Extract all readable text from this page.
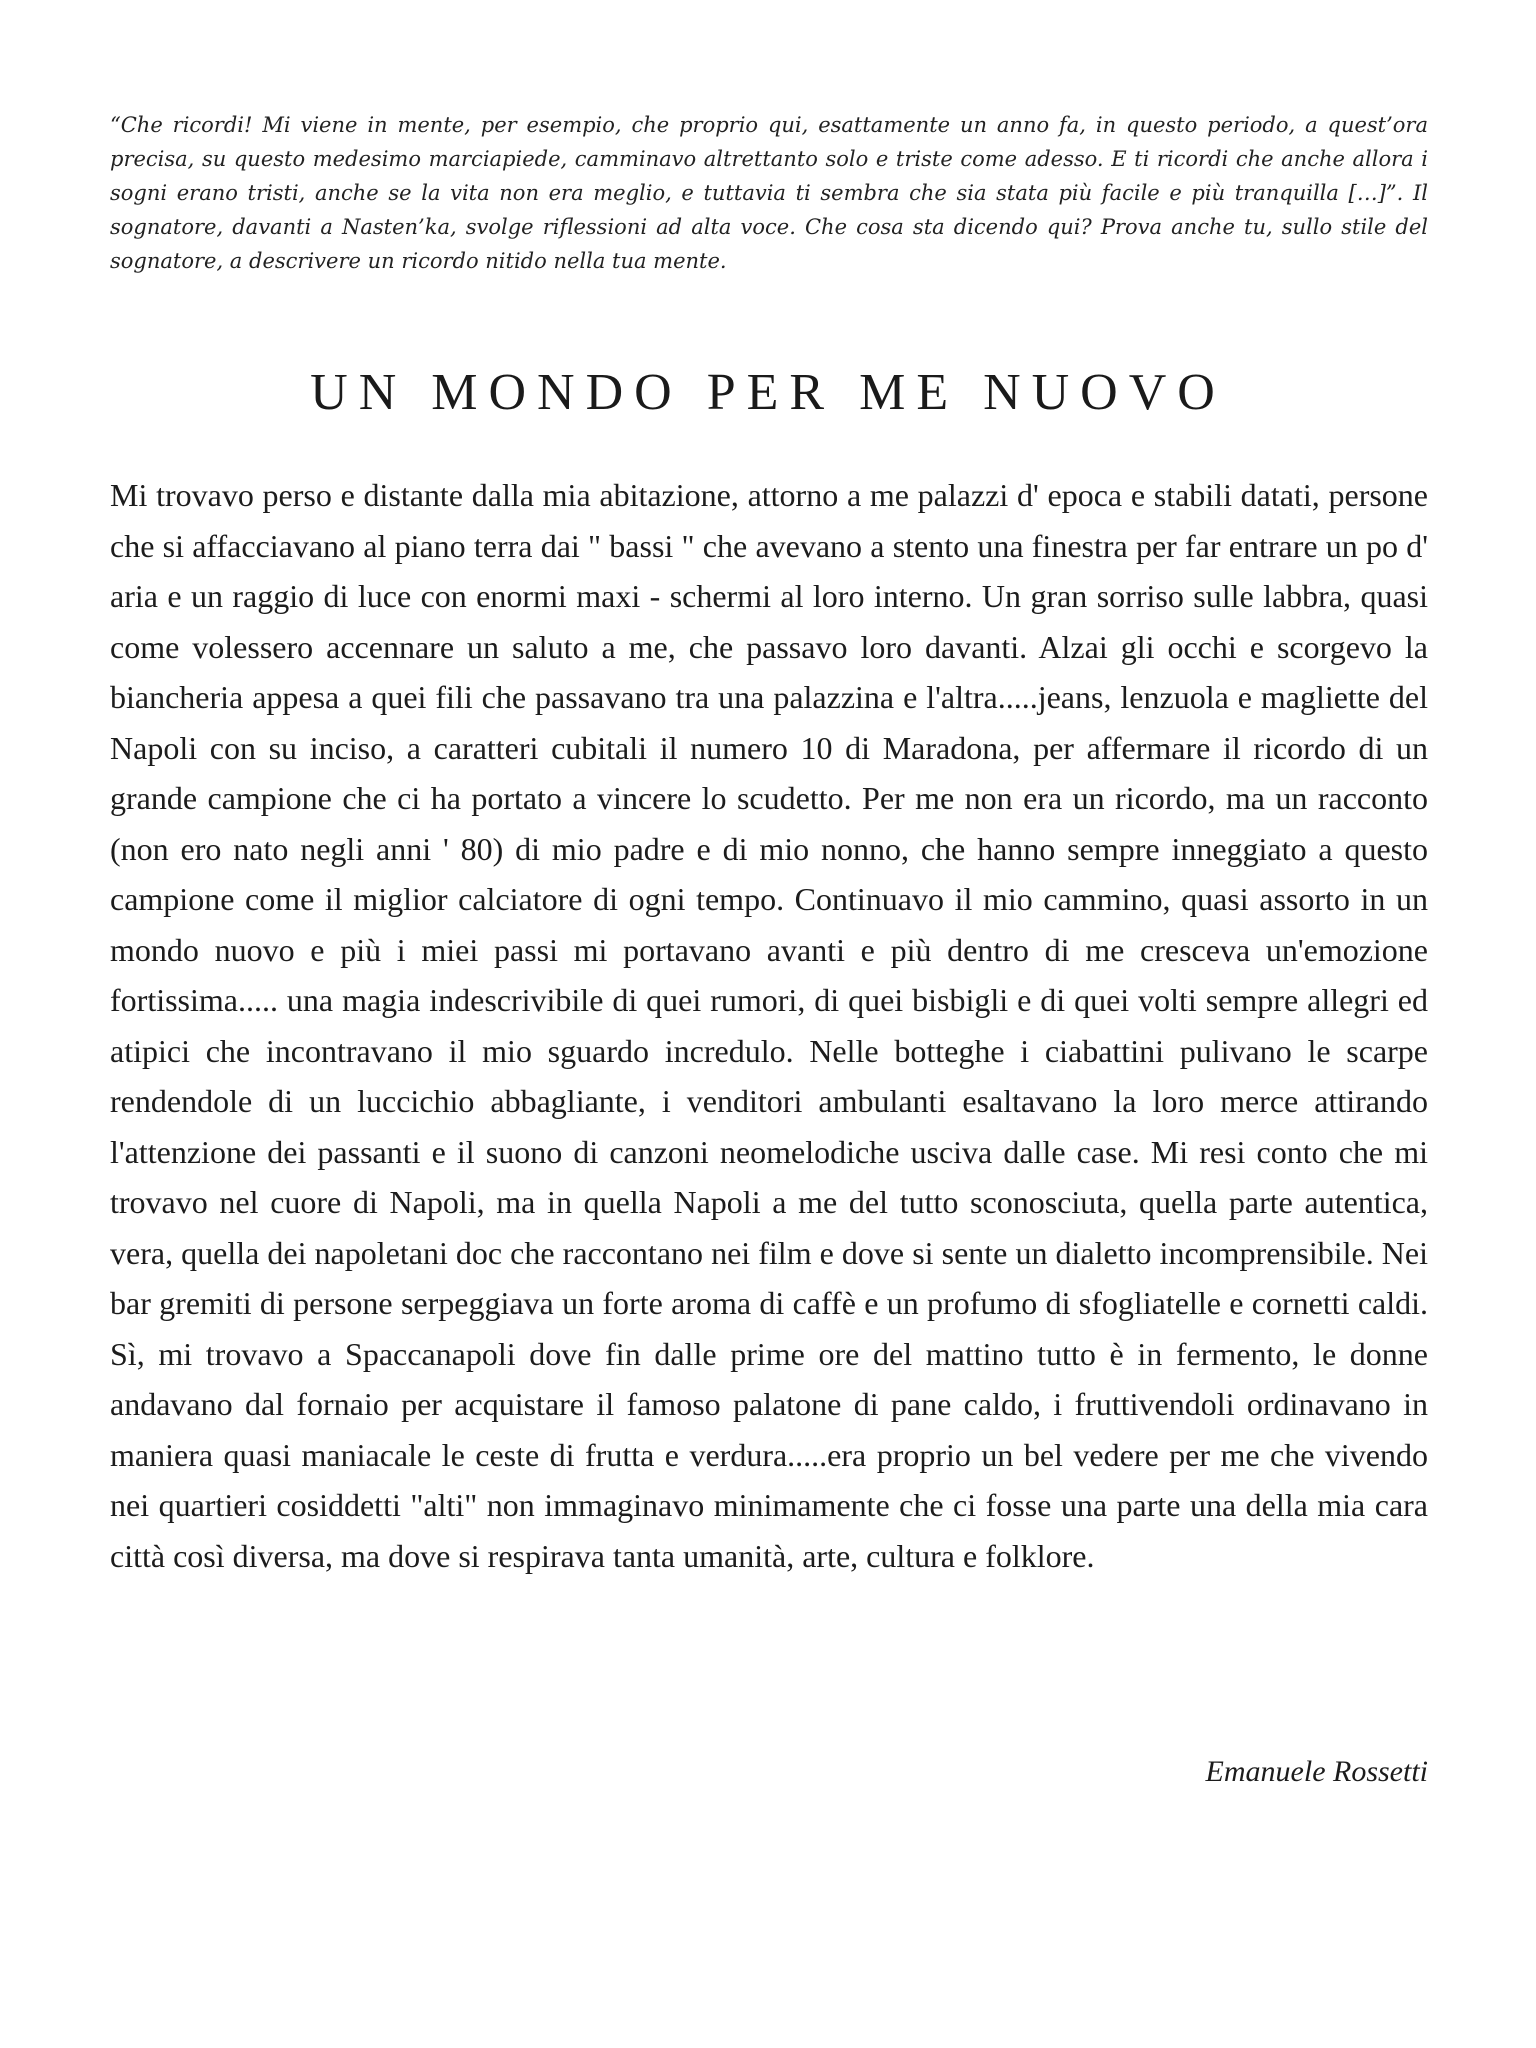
“Che ricordi! Mi viene in mente, per esempio, che proprio qui, esattamente un anno fa, in questo periodo, a quest’ora precisa, su questo medesimo marciapiede, camminavo altrettanto solo e triste come adesso. E ti ricordi che anche allora i sogni erano tristi, anche se la vita non era meglio, e tuttavia ti sembra che sia stata più facile e più tranquilla […]”. Il sognatore, davanti a Nasten’ka, svolge riflessioni ad alta voce. Che cosa sta dicendo qui? Prova anche tu, sullo stile del sognatore, a descrivere un ricordo nitido nella tua mente.

UN MONDO PER ME NUOVO

Mi trovavo perso e distante dalla mia abitazione, attorno a me palazzi d' epoca e stabili datati, persone che si affacciavano al piano terra dai " bassi " che avevano a stento una finestra per far entrare un po d' aria e un raggio di luce con enormi maxi - schermi al loro interno. Un gran sorriso sulle labbra, quasi come volessero accennare un saluto a me, che passavo loro davanti. Alzai gli occhi e scorgevo la biancheria appesa a quei fili che passavano tra una palazzina e l'altra.....jeans, lenzuola e magliette del Napoli con su inciso, a caratteri cubitali il numero 10 di Maradona, per affermare il ricordo di un grande campione che ci ha portato a vincere lo scudetto. Per me non era un ricordo, ma un racconto (non ero nato negli anni ' 80) di mio padre e di mio nonno, che hanno sempre inneggiato a questo campione come il miglior calciatore di ogni tempo. Continuavo il mio cammino, quasi assorto in un mondo nuovo e più i miei passi mi portavano avanti e più dentro di me cresceva un'emozione fortissima..... una magia indescrivibile di quei rumori, di quei bisbigli e di quei volti sempre allegri ed atipici che incontravano il mio sguardo incredulo. Nelle botteghe i ciabattini pulivano le scarpe rendendole di un luccichio abbagliante, i venditori ambulanti esaltavano la loro merce attirando l'attenzione dei passanti e il suono di canzoni neomelodiche usciva dalle case. Mi resi conto che mi trovavo nel cuore di Napoli, ma in quella Napoli a me del tutto sconosciuta, quella parte autentica, vera, quella dei napoletani doc che raccontano nei film e dove si sente un dialetto incomprensibile. Nei bar gremiti di persone serpeggiava un forte aroma di caffè e un profumo di sfogliatelle e cornetti caldi. Sì, mi trovavo a Spaccanapoli dove fin dalle prime ore del mattino tutto è in fermento, le donne andavano dal fornaio per acquistare il famoso palatone di pane caldo, i fruttivendoli ordinavano in maniera quasi maniacale le ceste di frutta e verdura.....era proprio un bel vedere per me che vivendo nei quartieri cosiddetti "alti" non immaginavo minimamente che ci fosse una parte una della mia cara città così diversa, ma dove si respirava tanta umanità, arte, cultura e folklore.

Emanuele Rossetti
